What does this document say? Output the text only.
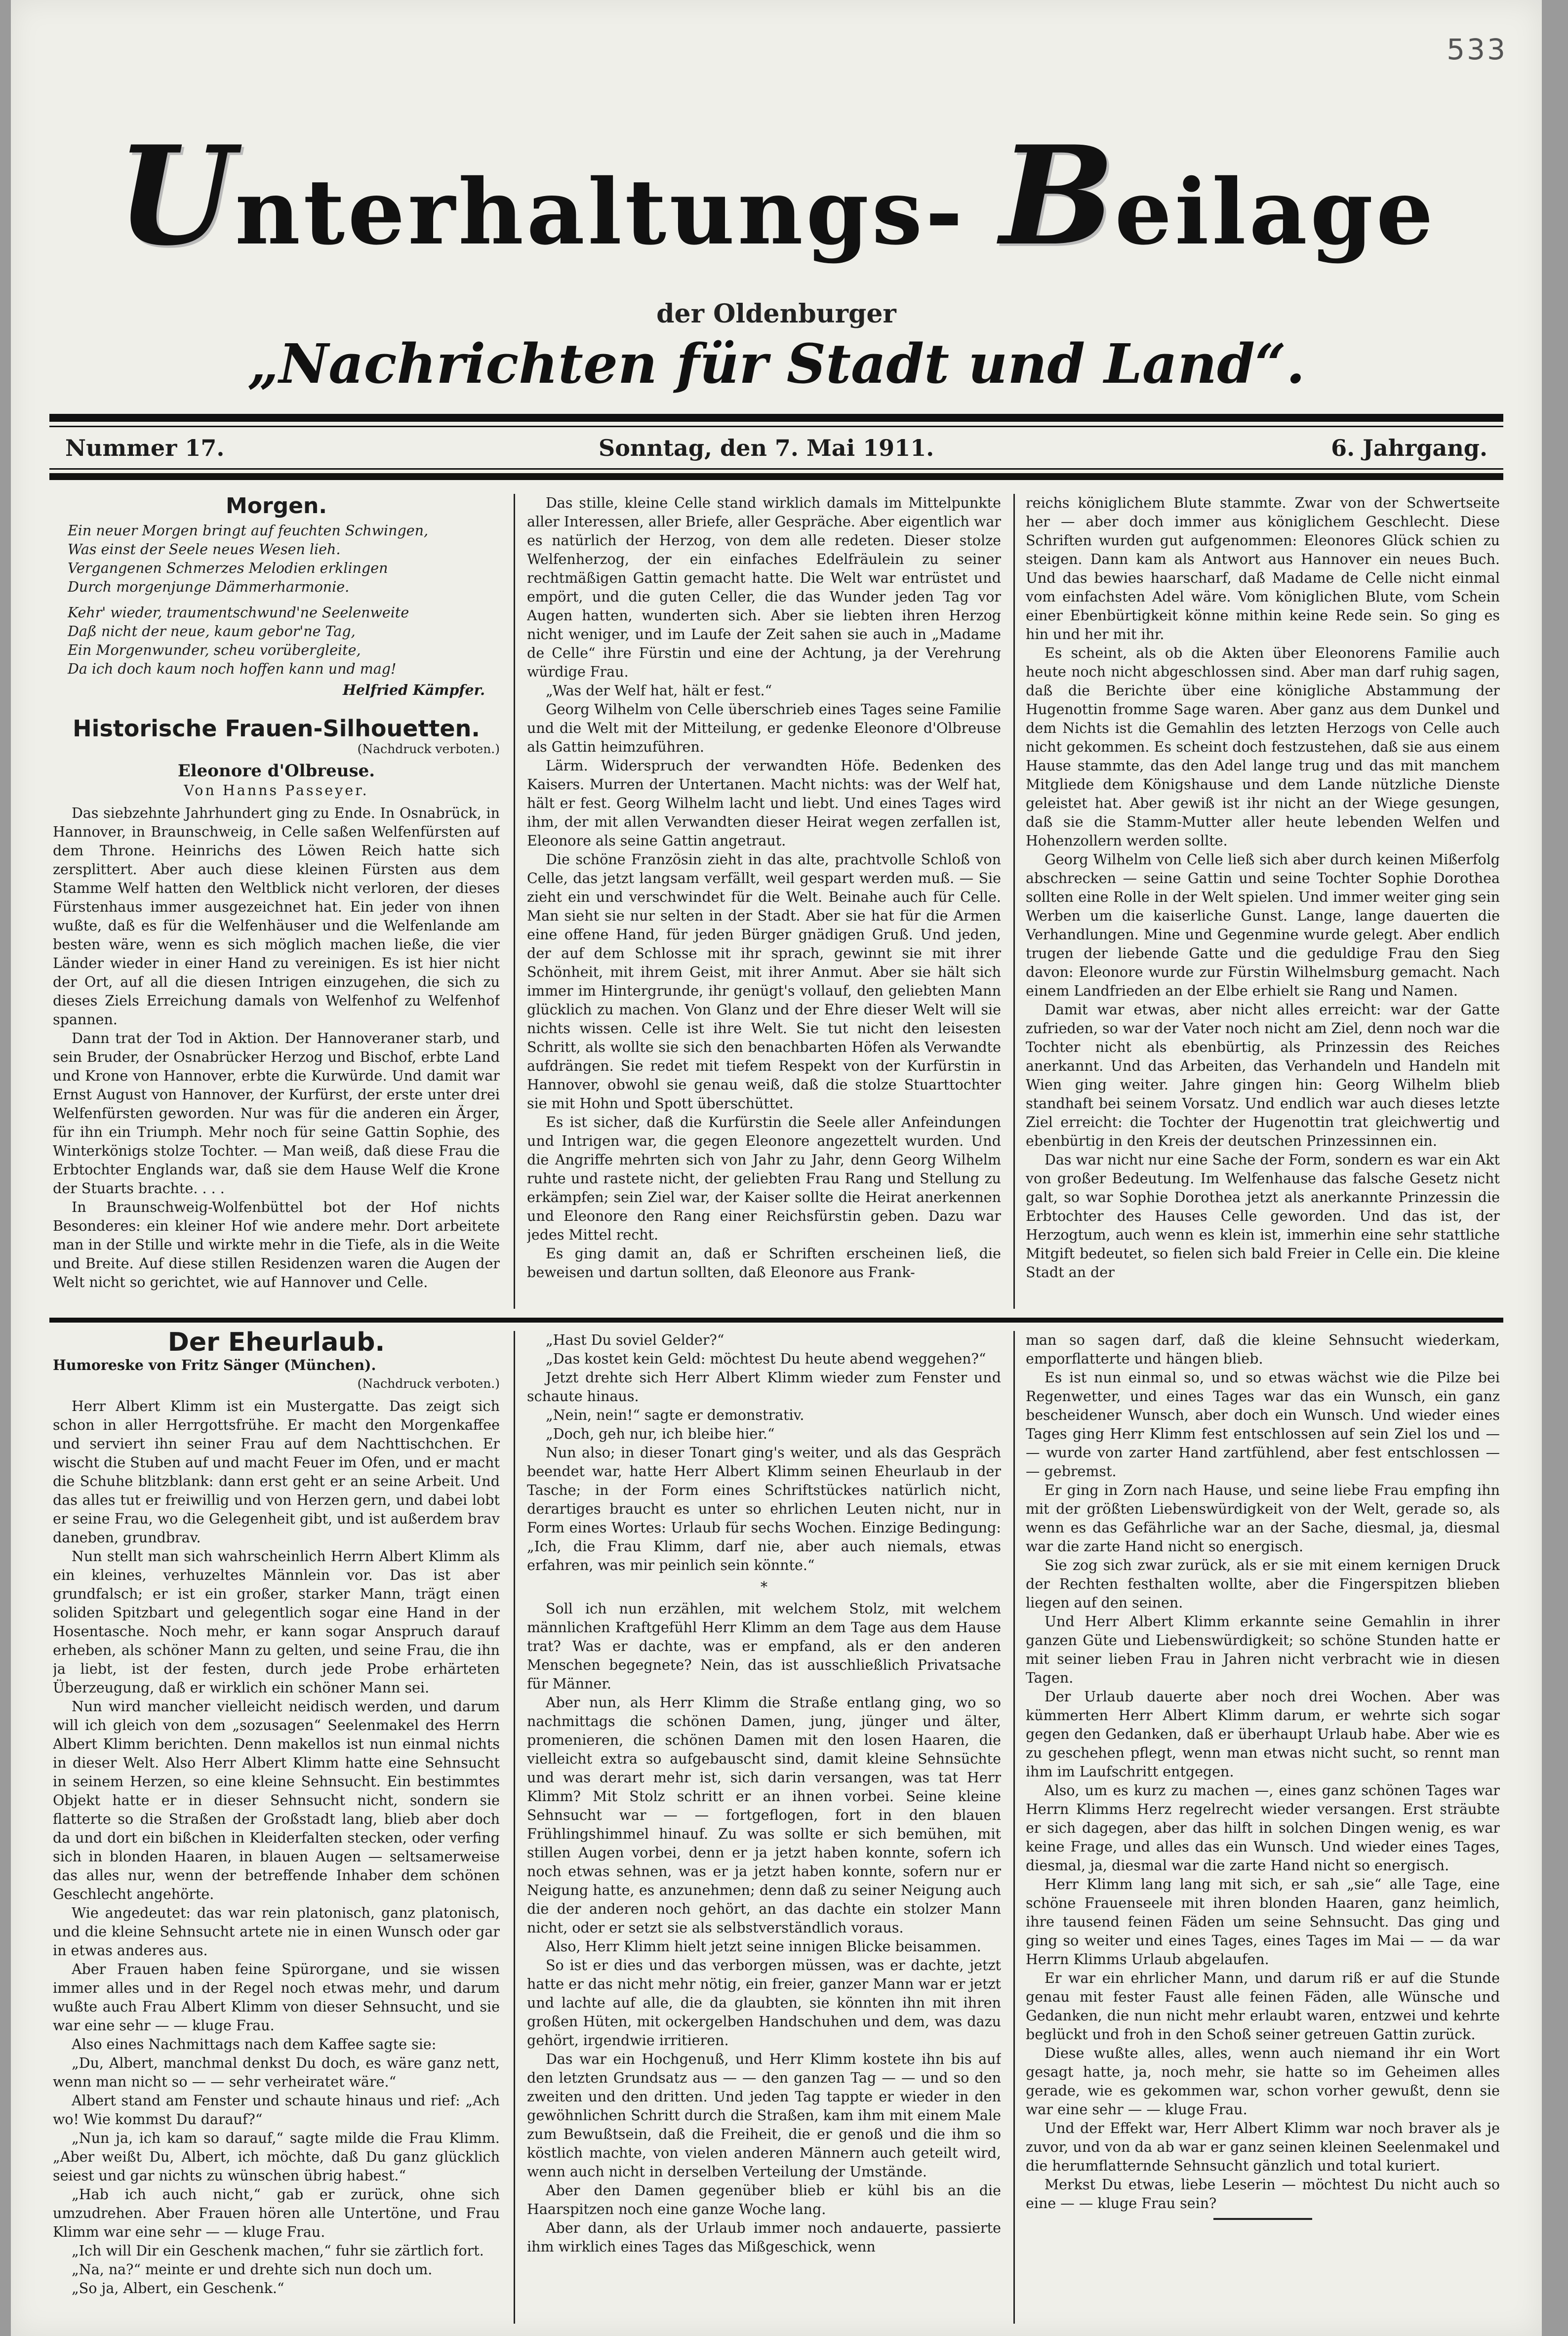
533
Unterhaltungs- Beilage
der Oldenburger
„Nachrichten für Stadt und Land“.
Nummer 17.	Sonntag, den 7. Mai 1911.	6. Jahrgang.
Morgen.
Ein neuer Morgen bringt auf feuchten Schwingen,
Was einst der Seele neues Wesen lieh.
Vergangenen Schmerzes Melodien erklingen
Durch morgenjunge Dämmerharmonie.
Kehr' wieder, traumentschwund'ne Seelenweite
Daß nicht der neue, kaum gebor'ne Tag,
Ein Morgenwunder, scheu vorübergleite,
Da ich doch kaum noch hoffen kann und mag!
Helfried Kämpfer.
Historische Frauen-Silhouetten.
(Nachdruck verboten.)
Eleonore d'Olbreuse.
Von Hanns Passeyer.

Das siebzehnte Jahrhundert ging zu Ende. In Osnabrück, in Hannover, in Braunschweig, in Celle saßen Welfenfürsten auf dem Throne. Heinrichs des Löwen Reich hatte sich zersplittert. Aber auch diese kleinen Fürsten aus dem Stamme Welf hatten den Weltblick nicht verloren, der dieses Fürstenhaus immer ausgezeichnet hat. Ein jeder von ihnen wußte, daß es für die Welfenhäuser und die Welfenlande am besten wäre, wenn es sich möglich machen ließe, die vier Länder wieder in einer Hand zu vereinigen. Es ist hier nicht der Ort, auf all die diesen Intrigen einzugehen, die sich zu dieses Ziels Erreichung damals von Welfenhof zu Welfenhof spannen.

Dann trat der Tod in Aktion. Der Hannoveraner starb, und sein Bruder, der Osnabrücker Herzog und Bischof, erbte Land und Krone von Hannover, erbte die Kurwürde. Und damit war Ernst August von Hannover, der Kurfürst, der erste unter drei Welfenfürsten geworden. Nur was für die anderen ein Ärger, für ihn ein Triumph. Mehr noch für seine Gattin Sophie, des Winterkönigs stolze Tochter. — Man weiß, daß diese Frau die Erbtochter Englands war, daß sie dem Hause Welf die Krone der Stuarts brachte. . . .

In Braunschweig-Wolfenbüttel bot der Hof nichts Besonderes: ein kleiner Hof wie andere mehr. Dort arbeitete man in der Stille und wirkte mehr in die Tiefe, als in die Weite und Breite. Auf diese stillen Residenzen waren die Augen der Welt nicht so gerichtet, wie auf Hannover und Celle.

Das stille, kleine Celle stand wirklich damals im Mittelpunkte aller Interessen, aller Briefe, aller Gespräche. Aber eigentlich war es natürlich der Herzog, von dem alle redeten. Dieser stolze Welfenherzog, der ein einfaches Edelfräulein zu seiner rechtmäßigen Gattin gemacht hatte. Die Welt war entrüstet und empört, und die guten Celler, die das Wunder jeden Tag vor Augen hatten, wunderten sich. Aber sie liebten ihren Herzog nicht weniger, und im Laufe der Zeit sahen sie auch in „Madame de Celle“ ihre Fürstin und eine der Achtung, ja der Verehrung würdige Frau.

„Was der Welf hat, hält er fest.“

Georg Wilhelm von Celle überschrieb eines Tages seine Familie und die Welt mit der Mitteilung, er gedenke Eleonore d'Olbreuse als Gattin heimzuführen.

Lärm. Widerspruch der verwandten Höfe. Bedenken des Kaisers. Murren der Untertanen. Macht nichts: was der Welf hat, hält er fest. Georg Wilhelm lacht und liebt. Und eines Tages wird ihm, der mit allen Verwandten dieser Heirat wegen zerfallen ist, Eleonore als seine Gattin angetraut.

Die schöne Französin zieht in das alte, prachtvolle Schloß von Celle, das jetzt langsam verfällt, weil gespart werden muß. — Sie zieht ein und verschwindet für die Welt. Beinahe auch für Celle. Man sieht sie nur selten in der Stadt. Aber sie hat für die Armen eine offene Hand, für jeden Bürger gnädigen Gruß. Und jeden, der auf dem Schlosse mit ihr sprach, gewinnt sie mit ihrer Schönheit, mit ihrem Geist, mit ihrer Anmut. Aber sie hält sich immer im Hintergrunde, ihr genügt's vollauf, den geliebten Mann glücklich zu machen. Von Glanz und der Ehre dieser Welt will sie nichts wissen. Celle ist ihre Welt. Sie tut nicht den leisesten Schritt, als wollte sie sich den benachbarten Höfen als Verwandte aufdrängen. Sie redet mit tiefem Respekt von der Kurfürstin in Hannover, obwohl sie genau weiß, daß die stolze Stuarttochter sie mit Hohn und Spott überschüttet.

Es ist sicher, daß die Kurfürstin die Seele aller Anfeindungen und Intrigen war, die gegen Eleonore angezettelt wurden. Und die Angriffe mehrten sich von Jahr zu Jahr, denn Georg Wilhelm ruhte und rastete nicht, der geliebten Frau Rang und Stellung zu erkämpfen; sein Ziel war, der Kaiser sollte die Heirat anerkennen und Eleonore den Rang einer Reichsfürstin geben. Dazu war jedes Mittel recht.

Es ging damit an, daß er Schriften erscheinen ließ, die beweisen und dartun sollten, daß Eleonore aus Frank-

reichs königlichem Blute stammte. Zwar von der Schwertseite her — aber doch immer aus königlichem Geschlecht. Diese Schriften wurden gut aufgenommen: Eleonores Glück schien zu steigen. Dann kam als Antwort aus Hannover ein neues Buch. Und das bewies haarscharf, daß Madame de Celle nicht einmal vom einfachsten Adel wäre. Vom königlichen Blute, vom Schein einer Ebenbürtigkeit könne mithin keine Rede sein. So ging es hin und her mit ihr.

Es scheint, als ob die Akten über Eleonorens Familie auch heute noch nicht abgeschlossen sind. Aber man darf ruhig sagen, daß die Berichte über eine königliche Abstammung der Hugenottin fromme Sage waren. Aber ganz aus dem Dunkel und dem Nichts ist die Gemahlin des letzten Herzogs von Celle auch nicht gekommen. Es scheint doch festzustehen, daß sie aus einem Hause stammte, das den Adel lange trug und das mit manchem Mitgliede dem Königshause und dem Lande nützliche Dienste geleistet hat. Aber gewiß ist ihr nicht an der Wiege gesungen, daß sie die Stamm-Mutter aller heute lebenden Welfen und Hohenzollern werden sollte.

Georg Wilhelm von Celle ließ sich aber durch keinen Mißerfolg abschrecken — seine Gattin und seine Tochter Sophie Dorothea sollten eine Rolle in der Welt spielen. Und immer weiter ging sein Werben um die kaiserliche Gunst. Lange, lange dauerten die Verhandlungen. Mine und Gegenmine wurde gelegt. Aber endlich trugen der liebende Gatte und die geduldige Frau den Sieg davon: Eleonore wurde zur Fürstin Wilhelmsburg gemacht. Nach einem Landfrieden an der Elbe erhielt sie Rang und Namen.

Damit war etwas, aber nicht alles erreicht: war der Gatte zufrieden, so war der Vater noch nicht am Ziel, denn noch war die Tochter nicht als ebenbürtig, als Prinzessin des Reiches anerkannt. Und das Arbeiten, das Verhandeln und Handeln mit Wien ging weiter. Jahre gingen hin: Georg Wilhelm blieb standhaft bei seinem Vorsatz. Und endlich war auch dieses letzte Ziel erreicht: die Tochter der Hugenottin trat gleichwertig und ebenbürtig in den Kreis der deutschen Prinzessinnen ein.

Das war nicht nur eine Sache der Form, sondern es war ein Akt von großer Bedeutung. Im Welfenhause das falsche Gesetz nicht galt, so war Sophie Dorothea jetzt als anerkannte Prinzessin die Erbtochter des Hauses Celle geworden. Und das ist, der Herzogtum, auch wenn es klein ist, immerhin eine sehr stattliche Mitgift bedeutet, so fielen sich bald Freier in Celle ein. Die kleine Stadt an der

Der Eheurlaub.
Humoreske von Fritz Sänger (München).
(Nachdruck verboten.)

Herr Albert Klimm ist ein Mustergatte. Das zeigt sich schon in aller Herrgottsfrühe. Er macht den Morgenkaffee und serviert ihn seiner Frau auf dem Nachttischchen. Er wischt die Stuben auf und macht Feuer im Ofen, und er macht die Schuhe blitzblank: dann erst geht er an seine Arbeit. Und das alles tut er freiwillig und von Herzen gern, und dabei lobt er seine Frau, wo die Gelegenheit gibt, und ist außerdem brav daneben, grundbrav.

Nun stellt man sich wahrscheinlich Herrn Albert Klimm als ein kleines, verhuzeltes Männlein vor. Das ist aber grundfalsch; er ist ein großer, starker Mann, trägt einen soliden Spitzbart und gelegentlich sogar eine Hand in der Hosentasche. Noch mehr, er kann sogar Anspruch darauf erheben, als schöner Mann zu gelten, und seine Frau, die ihn ja liebt, ist der festen, durch jede Probe erhärteten Überzeugung, daß er wirklich ein schöner Mann sei.

Nun wird mancher vielleicht neidisch werden, und darum will ich gleich von dem „sozusagen“ Seelenmakel des Herrn Albert Klimm berichten. Denn makellos ist nun einmal nichts in dieser Welt. Also Herr Albert Klimm hatte eine Sehnsucht in seinem Herzen, so eine kleine Sehnsucht. Ein bestimmtes Objekt hatte er in dieser Sehnsucht nicht, sondern sie flatterte so die Straßen der Großstadt lang, blieb aber doch da und dort ein bißchen in Kleiderfalten stecken, oder verfing sich in blonden Haaren, in blauen Augen — seltsamerweise das alles nur, wenn der betreffende Inhaber dem schönen Geschlecht angehörte.

Wie angedeutet: das war rein platonisch, ganz platonisch, und die kleine Sehnsucht artete nie in einen Wunsch oder gar in etwas anderes aus.

Aber Frauen haben feine Spürorgane, und sie wissen immer alles und in der Regel noch etwas mehr, und darum wußte auch Frau Albert Klimm von dieser Sehnsucht, und sie war eine sehr — — kluge Frau.

Also eines Nachmittags nach dem Kaffee sagte sie:

„Du, Albert, manchmal denkst Du doch, es wäre ganz nett, wenn man nicht so — — sehr verheiratet wäre.“

Albert stand am Fenster und schaute hinaus und rief: „Ach wo! Wie kommst Du darauf?“

„Nun ja, ich kam so darauf,“ sagte milde die Frau Klimm. „Aber weißt Du, Albert, ich möchte, daß Du ganz glücklich seiest und gar nichts zu wünschen übrig habest.“

„Hab ich auch nicht,“ gab er zurück, ohne sich umzudrehen. Aber Frauen hören alle Untertöne, und Frau Klimm war eine sehr — — kluge Frau.

„Ich will Dir ein Geschenk machen,“ fuhr sie zärtlich fort.

„Na, na?“ meinte er und drehte sich nun doch um.

„So ja, Albert, ein Geschenk.“

„Hast Du soviel Gelder?“

„Das kostet kein Geld: möchtest Du heute abend weggehen?“

Jetzt drehte sich Herr Albert Klimm wieder zum Fenster und schaute hinaus.

„Nein, nein!“ sagte er demonstrativ.

„Doch, geh nur, ich bleibe hier.“

Nun also; in dieser Tonart ging's weiter, und als das Gespräch beendet war, hatte Herr Albert Klimm seinen Eheurlaub in der Tasche; in der Form eines Schriftstückes natürlich nicht, derartiges braucht es unter so ehrlichen Leuten nicht, nur in Form eines Wortes: Urlaub für sechs Wochen. Einzige Bedingung: „Ich, die Frau Klimm, darf nie, aber auch niemals, etwas erfahren, was mir peinlich sein könnte.“

*

Soll ich nun erzählen, mit welchem Stolz, mit welchem männlichen Kraftgefühl Herr Klimm an dem Tage aus dem Hause trat? Was er dachte, was er empfand, als er den anderen Menschen begegnete? Nein, das ist ausschließlich Privatsache für Männer.

Aber nun, als Herr Klimm die Straße entlang ging, wo so nachmittags die schönen Damen, jung, jünger und älter, promenieren, die schönen Damen mit den losen Haaren, die vielleicht extra so aufgebauscht sind, damit kleine Sehnsüchte und was derart mehr ist, sich darin versangen, was tat Herr Klimm? Mit Stolz schritt er an ihnen vorbei. Seine kleine Sehnsucht war — — fortgeflogen, fort in den blauen Frühlingshimmel hinauf. Zu was sollte er sich bemühen, mit stillen Augen vorbei, denn er ja jetzt haben konnte, sofern ich noch etwas sehnen, was er ja jetzt haben konnte, sofern nur er Neigung hatte, es anzunehmen; denn daß zu seiner Neigung auch die der anderen noch gehört, an das dachte ein stolzer Mann nicht, oder er setzt sie als selbstverständlich voraus.

Also, Herr Klimm hielt jetzt seine innigen Blicke beisammen.

So ist er dies und das verborgen müssen, was er dachte, jetzt hatte er das nicht mehr nötig, ein freier, ganzer Mann war er jetzt und lachte auf alle, die da glaubten, sie könnten ihn mit ihren großen Hüten, mit ockergelben Handschuhen und dem, was dazu gehört, irgendwie irritieren.

Das war ein Hochgenuß, und Herr Klimm kostete ihn bis auf den letzten Grundsatz aus — — den ganzen Tag — — und so den zweiten und den dritten. Und jeden Tag tappte er wieder in den gewöhnlichen Schritt durch die Straßen, kam ihm mit einem Male zum Bewußtsein, daß die Freiheit, die er genoß und die ihm so köstlich machte, von vielen anderen Männern auch geteilt wird, wenn auch nicht in derselben Verteilung der Umstände.

Aber den Damen gegenüber blieb er kühl bis an die Haarspitzen noch eine ganze Woche lang.

Aber dann, als der Urlaub immer noch andauerte, passierte ihm wirklich eines Tages das Mißgeschick, wenn

man so sagen darf, daß die kleine Sehnsucht wiederkam, emporflatterte und hängen blieb.

Es ist nun einmal so, und so etwas wächst wie die Pilze bei Regenwetter, und eines Tages war das ein Wunsch, ein ganz bescheidener Wunsch, aber doch ein Wunsch. Und wieder eines Tages ging Herr Klimm fest entschlossen auf sein Ziel los und — — wurde von zarter Hand zartfühlend, aber fest entschlossen — — gebremst.

Er ging in Zorn nach Hause, und seine liebe Frau empfing ihn mit der größten Liebenswürdigkeit von der Welt, gerade so, als wenn es das Gefährliche war an der Sache, diesmal, ja, diesmal war die zarte Hand nicht so energisch.

Sie zog sich zwar zurück, als er sie mit einem kernigen Druck der Rechten festhalten wollte, aber die Fingerspitzen blieben liegen auf den seinen.

Und Herr Albert Klimm erkannte seine Gemahlin in ihrer ganzen Güte und Liebenswürdigkeit; so schöne Stunden hatte er mit seiner lieben Frau in Jahren nicht verbracht wie in diesen Tagen.

Der Urlaub dauerte aber noch drei Wochen. Aber was kümmerten Herr Albert Klimm darum, er wehrte sich sogar gegen den Gedanken, daß er überhaupt Urlaub habe. Aber wie es zu geschehen pflegt, wenn man etwas nicht sucht, so rennt man ihm im Laufschritt entgegen.

Also, um es kurz zu machen —, eines ganz schönen Tages war Herrn Klimms Herz regelrecht wieder versangen. Erst sträubte er sich dagegen, aber das hilft in solchen Dingen wenig, es war keine Frage, und alles das ein Wunsch. Und wieder eines Tages, diesmal, ja, diesmal war die zarte Hand nicht so energisch.

Herr Klimm lang lang mit sich, er sah „sie“ alle Tage, eine schöne Frauenseele mit ihren blonden Haaren, ganz heimlich, ihre tausend feinen Fäden um seine Sehnsucht. Das ging und ging so weiter und eines Tages, eines Tages im Mai — — da war Herrn Klimms Urlaub abgelaufen.

Er war ein ehrlicher Mann, und darum riß er auf die Stunde genau mit fester Faust alle feinen Fäden, alle Wünsche und Gedanken, die nun nicht mehr erlaubt waren, entzwei und kehrte beglückt und froh in den Schoß seiner getreuen Gattin zurück.

Diese wußte alles, alles, wenn auch niemand ihr ein Wort gesagt hatte, ja, noch mehr, sie hatte so im Geheimen alles gerade, wie es gekommen war, schon vorher gewußt, denn sie war eine sehr — — kluge Frau.

Und der Effekt war, Herr Albert Klimm war noch braver als je zuvor, und von da ab war er ganz seinen kleinen Seelenmakel und die herumflatternde Sehnsucht gänzlich und total kuriert.

Merkst Du etwas, liebe Leserin — möchtest Du nicht auch so eine — — kluge Frau sein?
